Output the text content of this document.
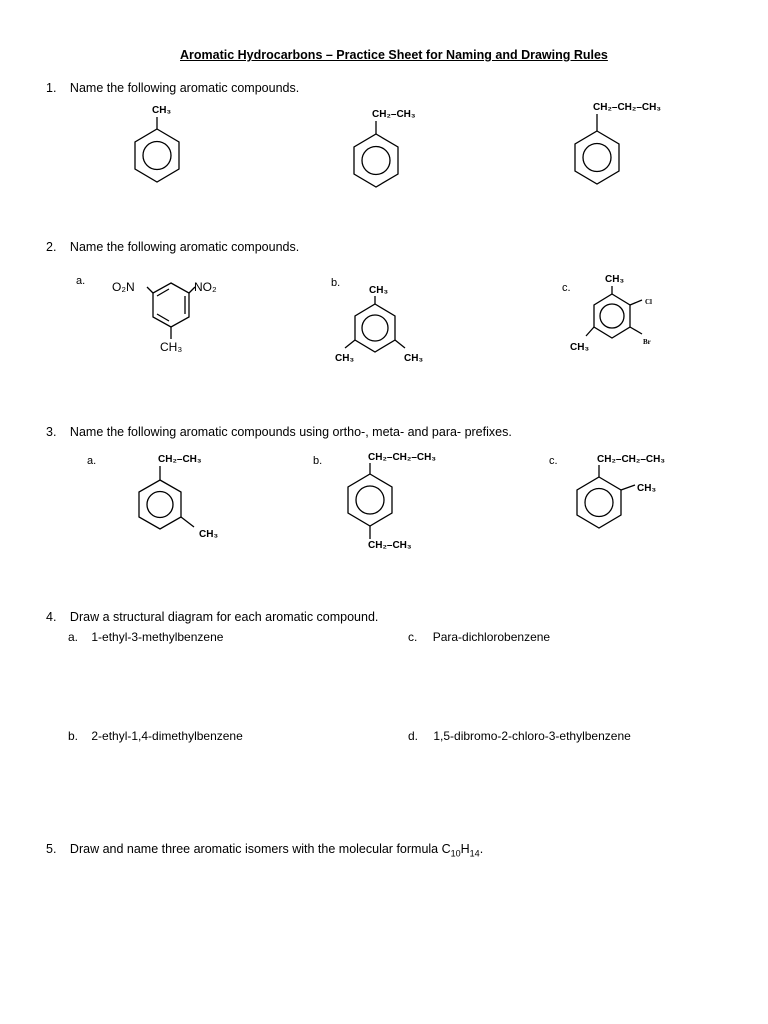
Aromatic Hydrocarbons – Practice Sheet for Naming and Drawing Rules
1. Name the following aromatic compounds.
CH₃	CH₂–CH₃
CH₂–CH₂–CH₃
2. Name the following aromatic compounds.
a. O₂N	NO₂
CH₃
b.
CH₃
CH₃	CH₃
c.
CH₃
Cl
Br
CH₃
3. Name the following aromatic compounds using ortho-, meta- and para- prefixes.
a.	CH₂–CH₃
CH₃
b.	CH₂–CH₂–CH₃
CH₂–CH₃
c.	CH₂–CH₂–CH₃
CH₃
4. Draw a structural diagram for each aromatic compound.
a. 1-ethyl-3-methylbenzene	c. Para-dichlorobenzene
b. 2-ethyl-1,4-dimethylbenzene	d. 1,5-dibromo-2-chloro-3-ethylbenzene
5. Draw and name three aromatic isomers with the molecular formula $C_{10}H_{14}$.
